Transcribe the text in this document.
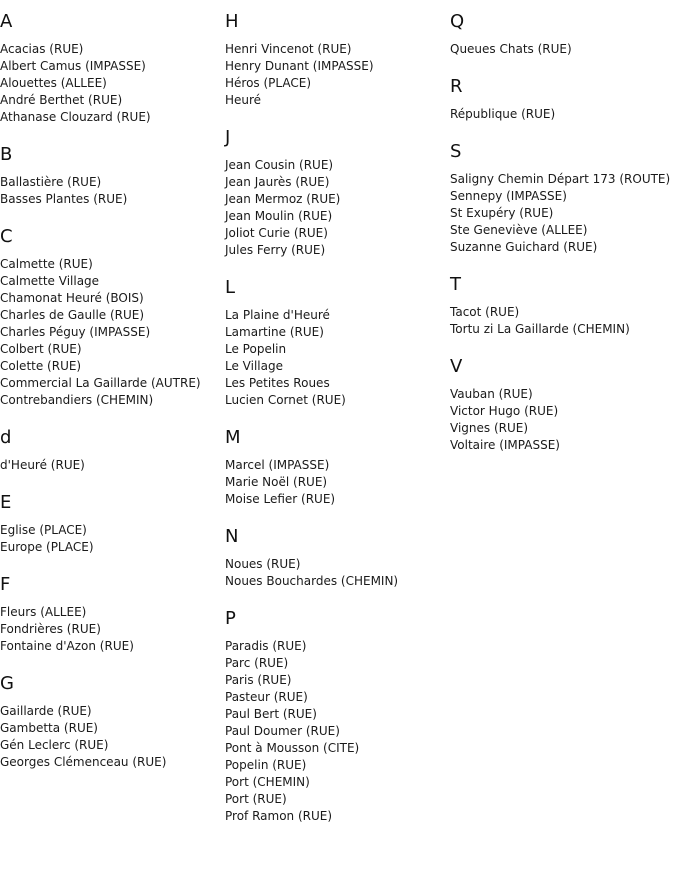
A
Acacias (RUE)
Albert Camus (IMPASSE)
Alouettes (ALLEE)
André Berthet (RUE)
Athanase Clouzard (RUE)
B
Ballastière (RUE)
Basses Plantes (RUE)
C
Calmette (RUE)
Calmette Village
Chamonat Heuré (BOIS)
Charles de Gaulle (RUE)
Charles Péguy (IMPASSE)
Colbert (RUE)
Colette (RUE)
Commercial La Gaillarde (AUTRE)
Contrebandiers (CHEMIN)
d
d'Heuré (RUE)
E
Eglise (PLACE)
Europe (PLACE)
F
Fleurs (ALLEE)
Fondrières (RUE)
Fontaine d'Azon (RUE)
G
Gaillarde (RUE)
Gambetta (RUE)
Gén Leclerc (RUE)
Georges Clémenceau (RUE)
H
Henri Vincenot (RUE)
Henry Dunant (IMPASSE)
Héros (PLACE)
Heuré
J
Jean Cousin (RUE)
Jean Jaurès (RUE)
Jean Mermoz (RUE)
Jean Moulin (RUE)
Joliot Curie (RUE)
Jules Ferry (RUE)
L
La Plaine d'Heuré
Lamartine (RUE)
Le Popelin
Le Village
Les Petites Roues
Lucien Cornet (RUE)
M
Marcel (IMPASSE)
Marie Noël (RUE)
Moise Lefier (RUE)
N
Noues (RUE)
Noues Bouchardes (CHEMIN)
P
Paradis (RUE)
Parc (RUE)
Paris (RUE)
Pasteur (RUE)
Paul Bert (RUE)
Paul Doumer (RUE)
Pont à Mousson (CITE)
Popelin (RUE)
Port (CHEMIN)
Port (RUE)
Prof Ramon (RUE)
Q
Queues Chats (RUE)
R
République (RUE)
S
Saligny Chemin Départ 173 (ROUTE)
Sennepy (IMPASSE)
St Exupéry (RUE)
Ste Geneviève (ALLEE)
Suzanne Guichard (RUE)
T
Tacot (RUE)
Tortu zi La Gaillarde (CHEMIN)
V
Vauban (RUE)
Victor Hugo (RUE)
Vignes (RUE)
Voltaire (IMPASSE)
